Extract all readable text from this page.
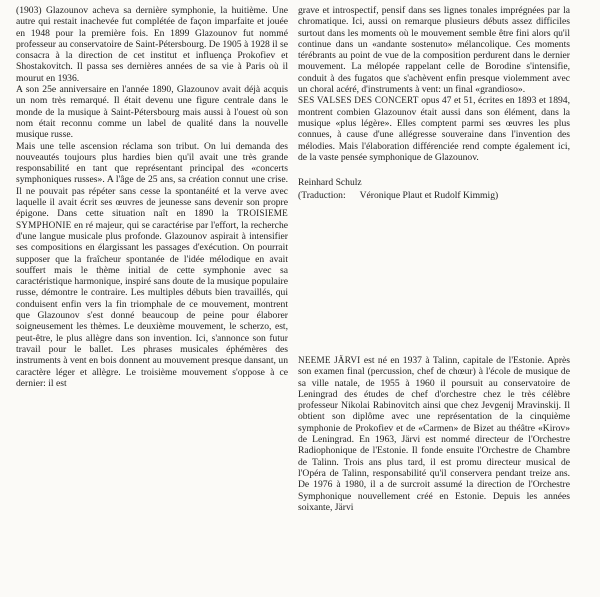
(1903) Glazounov acheva sa dernière symphonie, la huitième. Une autre qui restait inachevée fut complétée de façon imparfaite et jouée en 1948 pour la première fois. En 1899 Glazounov fut nommé professeur au conservatoire de Saint-Pétersbourg. De 1905 à 1928 il se consacra à la direction de cet institut et influença Prokofiev et Shostakovitch. Il passa ses dernières années de sa vie à Paris où il mourut en 1936.

A son 25e anniversaire en l'année 1890, Glazounov avait déjà acquis un nom très remarqué. Il était devenu une figure centrale dans le monde de la musique à Saint-Pétersbourg mais aussi à l'ouest où son nom était reconnu comme un label de qualité dans la nouvelle musique russe.

Mais une telle ascension réclama son tribut. On lui demanda des nouveautés toujours plus hardies bien qu'il avait une très grande responsabilité en tant que représentant principal des «concerts symphoniques russes». A l'âge de 25 ans, sa création connut une crise. Il ne pouvait pas répéter sans cesse la spontanéité et la verve avec laquelle il avait écrit ses œuvres de jeunesse sans devenir son propre épigone. Dans cette situation naît en 1890 la TROISIEME SYMPHONIE en ré majeur, qui se caractérise par l'effort, la recherche d'une langue musicale plus profonde. Glazounov aspirait à intensifier ses compositions en élargissant les passages d'exécution. On pourrait supposer que la fraîcheur spontanée de l'idée mélodique en avait souffert mais le thème initial de cette symphonie avec sa caractéristique harmonique, inspiré sans doute de la musique populaire russe, démontre le contraire. Les multiples débuts bien travaillés, qui conduisent enfin vers la fin triomphale de ce mouvement, montrent que Glazounov s'est donné beaucoup de peine pour élaborer soigneusement les thèmes. Le deuxième mouvement, le scherzo, est, peut-être, le plus allègre dans son invention. Ici, s'annonce son futur travail pour le ballet. Les phrases musicales éphémères des instruments à vent en bois donnent au mouvement presque dansant, un caractère léger et allègre. Le troisième mouvement s'oppose à ce dernier: il est

grave et introspectif, pensif dans ses lignes tonales imprégnées par la chromatique. Ici, aussi on remarque plusieurs débuts assez difficiles surtout dans les moments où le mouvement semble être fini alors qu'il continue dans un «andante sostenuto» mélancolique. Ces moments térébrants au point de vue de la composition perdurent dans le dernier mouvement. La mélopée rappelant celle de Borodine s'intensifie, conduit à des fugatos que s'achèvent enfin presque violemment avec un choral acéré, d'instruments à vent: un final «grandioso».

SES VALSES DES CONCERT opus 47 et 51, écrites en 1893 et 1894, montrent combien Glazounov était aussi dans son élément, dans la musique «plus légère». Elles comptent parmi ses œuvres les plus connues, à cause d'une allégresse souveraine dans l'invention des mélodies. Mais l'élaboration différenciée rend compte également ici, de la vaste pensée symphonique de Glazounov.

Reinhard Schulz

(Traduction: Véronique Plaut et Rudolf Kimmig)

NEEME JÄRVI est né en 1937 à Talinn, capitale de l'Estonie. Après son examen final (percussion, chef de chœur) à l'école de musique de sa ville natale, de 1955 à 1960 il poursuit au conservatoire de Leningrad des études de chef d'orchestre chez le très célèbre professeur Nikolai Rabinovitch ainsi que chez Jevgenij Mravinskij. Il obtient son diplôme avec une représentation de la cinquième symphonie de Prokofiev et de «Carmen» de Bizet au théâtre «Kirov» de Leningrad. En 1963, Järvi est nommé directeur de l'Orchestre Radiophonique de l'Estonie. Il fonde ensuite l'Orchestre de Chambre de Talinn. Trois ans plus tard, il est promu directeur musical de l'Opéra de Talinn, responsabilité qu'il conservera pendant treize ans. De 1976 à 1980, il a de surcroit assumé la direction de l'Orchestre Symphonique nouvellement créé en Estonie. Depuis les années soixante, Järvi
